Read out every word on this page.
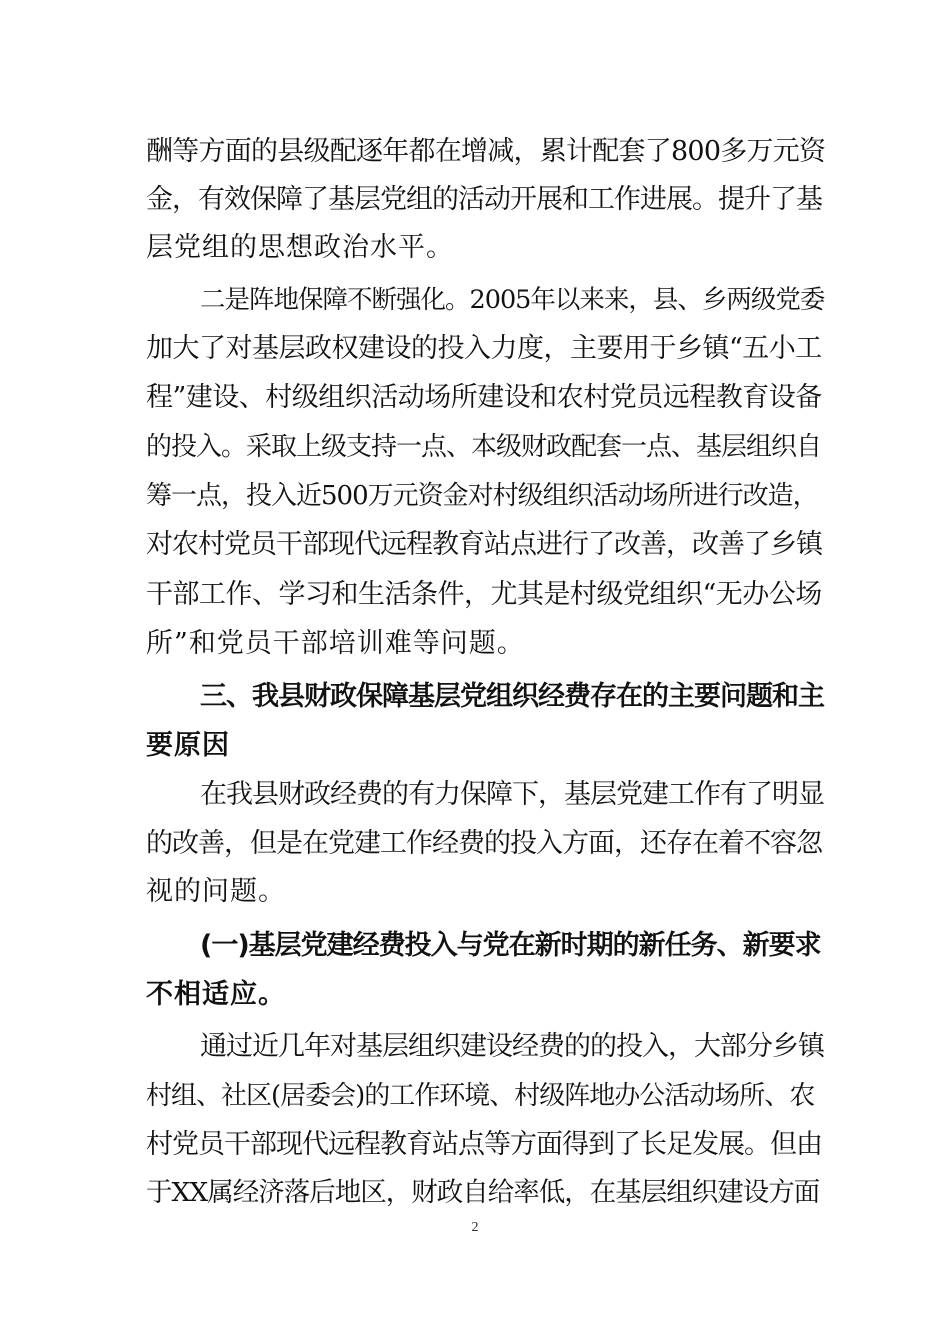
酬等方面的县级配逐年都在增减，累计配套了800多万元资
金，有效保障了基层党组的活动开展和工作进展。提升了基
层党组的思想政治水平。
二是阵地保障不断强化。2005年以来来，县、乡两级党委
加大了对基层政权建设的投入力度，主要用于乡镇“五小工
程”建设、村级组织活动场所建设和农村党员远程教育设备
的投入。采取上级支持一点、本级财政配套一点、基层组织自
筹一点，投入近500万元资金对村级组织活动场所进行改造，
对农村党员干部现代远程教育站点进行了改善，改善了乡镇
干部工作、学习和生活条件，尤其是村级党组织“无办公场
所”和党员干部培训难等问题。
三、我县财政保障基层党组织经费存在的主要问题和主
要原因
在我县财政经费的有力保障下，基层党建工作有了明显
的改善，但是在党建工作经费的投入方面，还存在着不容忽
视的问题。
(一)基层党建经费投入与党在新时期的新任务、新要求
不相适应。
通过近几年对基层组织建设经费的的投入，大部分乡镇
村组、社区(居委会)的工作环境、村级阵地办公活动场所、农
村党员干部现代远程教育站点等方面得到了长足发展。但由
于XX属经济落后地区，财政自给率低，在基层组织建设方面
2
